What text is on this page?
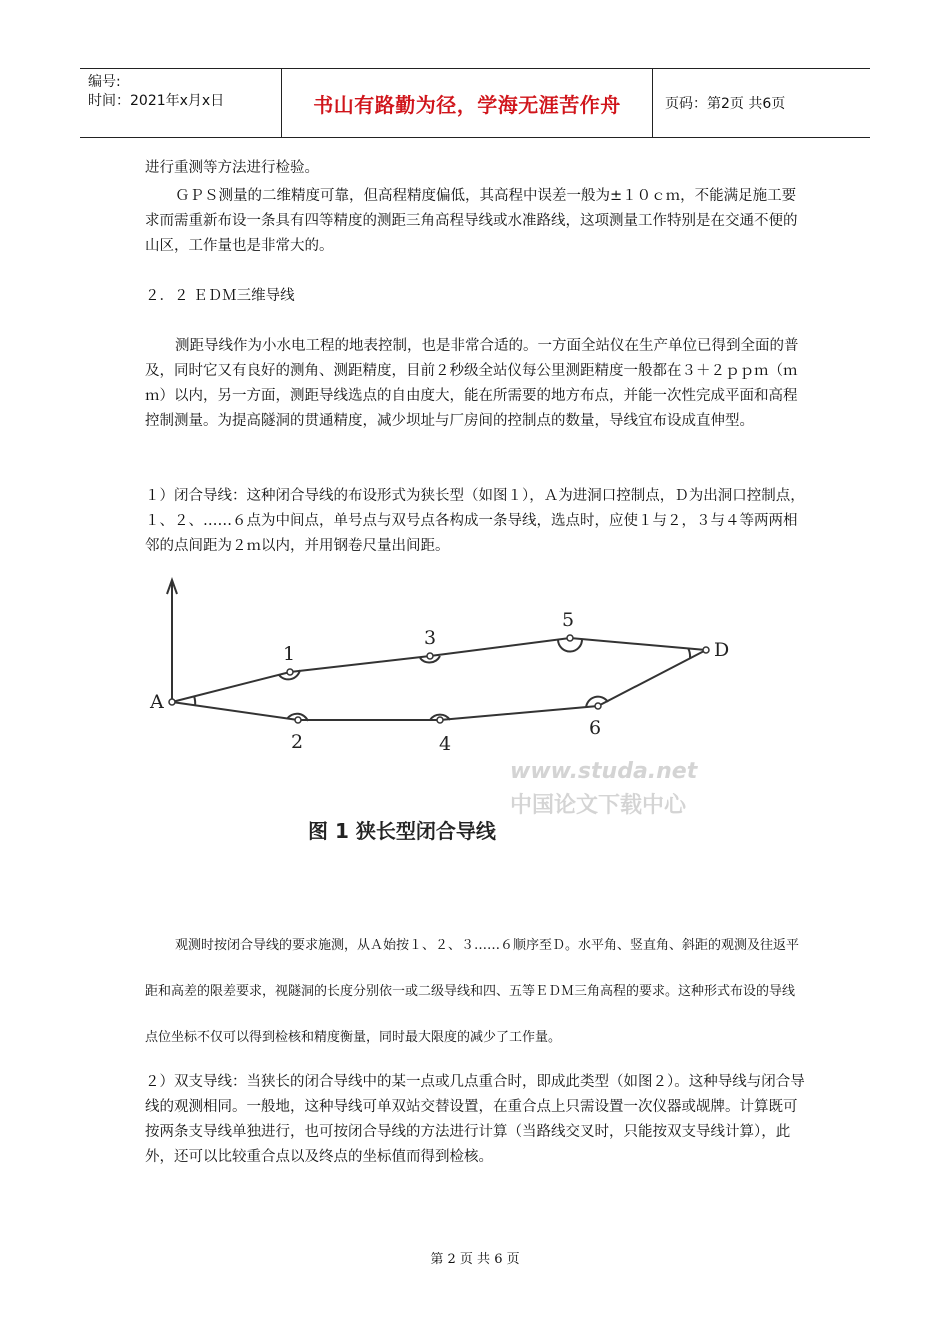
编号:
时间：2021年x月x日	书山有路勤为径，学海无涯苦作舟	页码：第2页 共6页
进行重测等方法进行检验。
ＧＰＳ测量的二维精度可靠，但高程精度偏低，其高程中误差一般为±１０ｃｍ，不能满足施工要求而需重新布设一条具有四等精度的测距三角高程导线或水准路线，这项测量工作特别是在交通不便的山区，工作量也是非常大的。
２．２ ＥＤＭ三维导线
测距导线作为小水电工程的地表控制，也是非常合适的。一方面全站仪在生产单位已得到全面的普及，同时它又有良好的测角、测距精度，目前２秒级全站仪每公里测距精度一般都在３＋２ｐｐｍ（ｍｍ）以内，另一方面，测距导线选点的自由度大，能在所需要的地方布点，并能一次性完成平面和高程控制测量。为提高隧洞的贯通精度，减少坝址与厂房间的控制点的数量，导线宜布设成直伸型。
１）闭合导线：这种闭合导线的布设形式为狭长型（如图１），Ａ为进洞口控制点，Ｄ为出洞口控制点，１、２、……６点为中间点，单号点与双号点各构成一条导线，选点时，应使１与２，３与４等两两相邻的点间距为２ｍ以内，并用钢卷尺量出间距。
A
D
1
2
3
4
5
6
www.studa.net
中国论文下载中心
图 1 狭长型闭合导线
观测时按闭合导线的要求施测，从Ａ始按１、２、３……６顺序至Ｄ。水平角、竖直角、斜距的观测及往返平距和高差的限差要求，视隧洞的长度分别依一或二级导线和四、五等ＥＤＭ三角高程的要求。这种形式布设的导线点位坐标不仅可以得到检核和精度衡量，同时最大限度的减少了工作量。
２）双支导线：当狭长的闭合导线中的某一点或几点重合时，即成此类型（如图２）。这种导线与闭合导线的观测相同。一般地，这种导线可单双站交替设置，在重合点上只需设置一次仪器或觇牌。计算既可按两条支导线单独进行，也可按闭合导线的方法进行计算（当路线交叉时，只能按双支导线计算），此外，还可以比较重合点以及终点的坐标值而得到检核。
第 2 页 共 6 页
